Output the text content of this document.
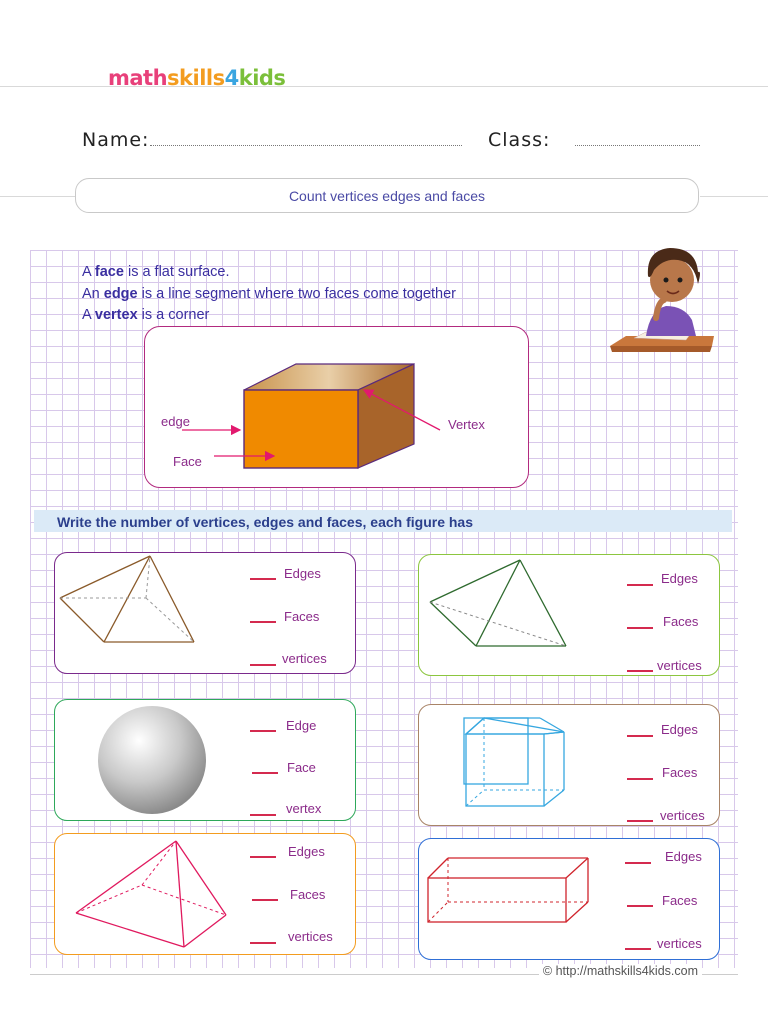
mathskills4kids
Name:	Class:
Count vertices edges and faces
A face is a flat surface.
An edge is a line segment where two faces come together
A vertex is a corner
edge
Face
Vertex
Write the number of vertices, edges and faces, each figure has
Edges
Faces
vertices
Edges
Faces
vertices
Edge
Face
vertex
Edges
Faces
vertices
Edges
Faces
vertices
Edges
Faces
vertices
© http://mathskills4kids.com
